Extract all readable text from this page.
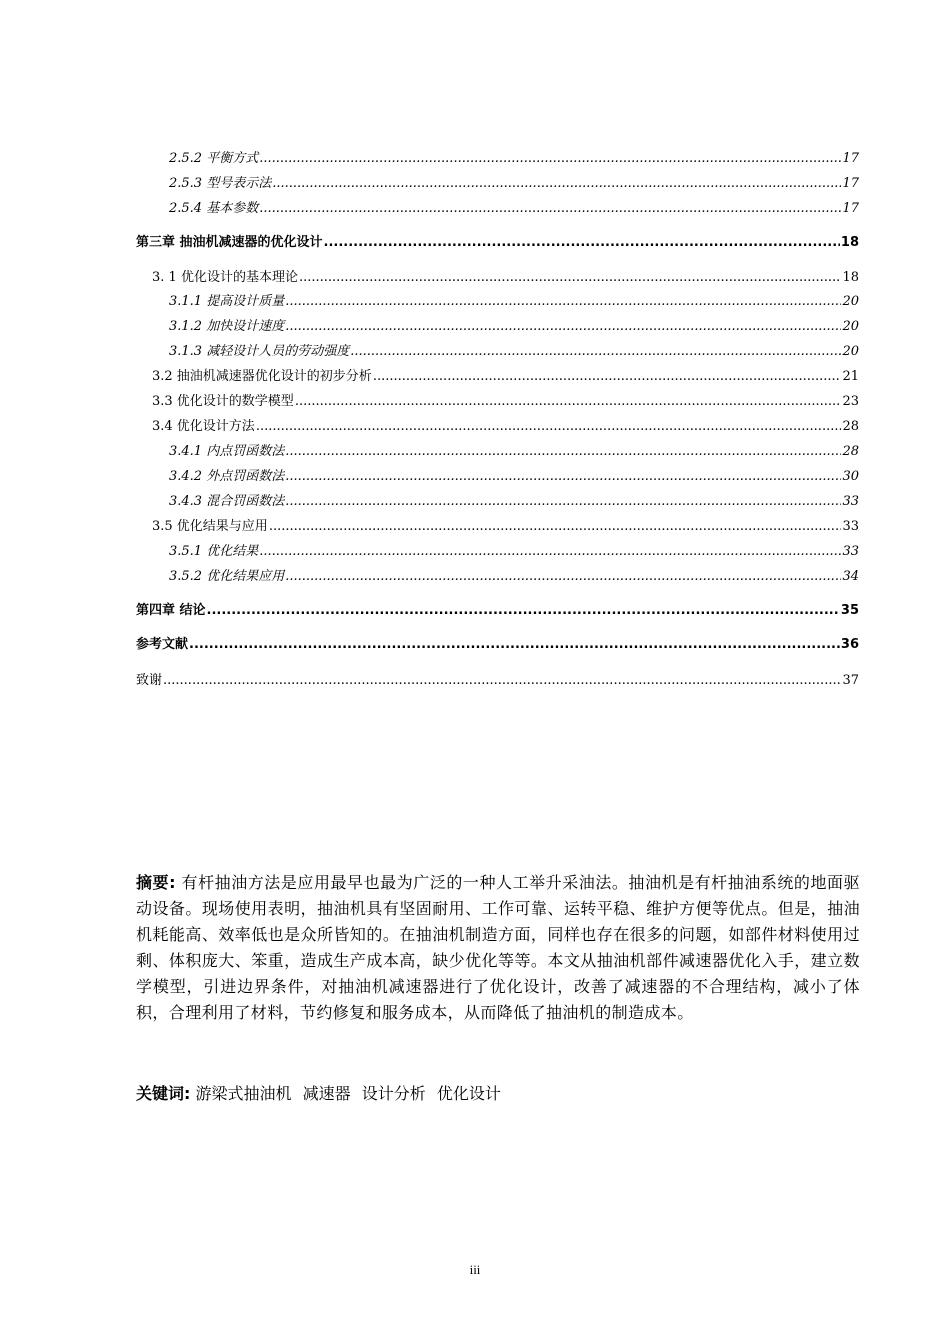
2.5.2 平衡方式 .....	17
2.5.3 型号表示法 .....	17
2.5.4 基本参数 .....	17
第三章 抽油机减速器的优化设计 .....	18
3. 1 优化设计的基本理论 .....	18
3.1.1 提高设计质量 .....	20
3.1.2 加快设计速度 .....	20
3.1.3 减轻设计人员的劳动强度 .....	20
3.2 抽油机减速器优化设计的初步分析 .....	21
3.3 优化设计的数学模型 .....	23
3.4 优化设计方法 .....	28
3.4.1 内点罚函数法 .....	28
3.4.2 外点罚函数法 .....	30
3.4.3 混合罚函数法 .....	33
3.5 优化结果与应用 .....	33
3.5.1 优化结果 .....	33
3.5.2 优化结果应用 .....	34
第四章 结论 .....	35
参考文献 .....	36
致谢 .....	37
摘要: 有杆抽油方法是应用最早也最为广泛的一种人工举升采油法。抽油机是有杆抽油系统的地面驱动设备。现场使用表明，抽油机具有坚固耐用、工作可靠、运转平稳、维护方便等优点。但是，抽油机耗能高、效率低也是众所皆知的。在抽油机制造方面，同样也存在很多的问题，如部件材料使用过剩、体积庞大、笨重，造成生产成本高，缺少优化等等。本文从抽油机部件减速器优化入手，建立数学模型，引进边界条件，对抽油机减速器进行了优化设计，改善了减速器的不合理结构，减小了体积，合理利用了材料，节约修复和服务成本，从而降低了抽油机的制造成本。
关键词: 游梁式抽油机 减速器 设计分析 优化设计
iii
